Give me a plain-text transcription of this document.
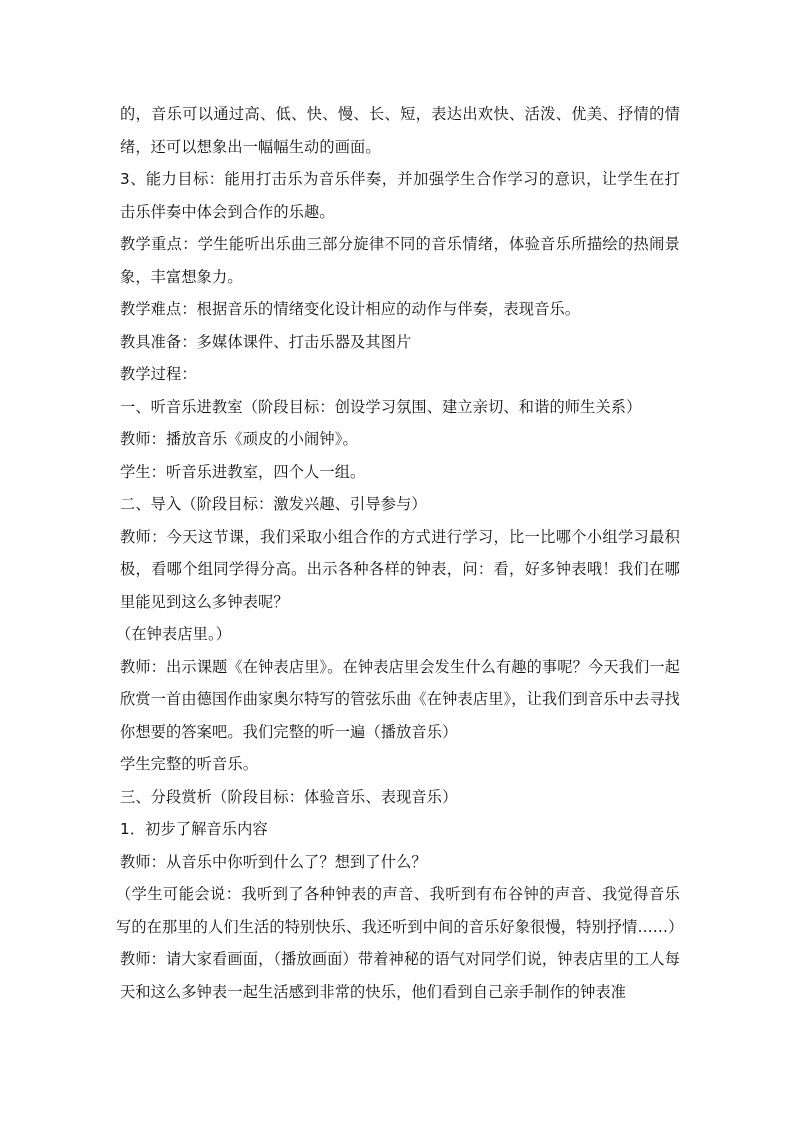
的，音乐可以通过高、低、快、慢、长、短，表达出欢快、活泼、优美、抒情的情绪，还可以想象出一幅幅生动的画面。

3、能力目标：能用打击乐为音乐伴奏，并加强学生合作学习的意识，让学生在打击乐伴奏中体会到合作的乐趣。

教学重点：学生能听出乐曲三部分旋律不同的音乐情绪，体验音乐所描绘的热闹景象，丰富想象力。

教学难点：根据音乐的情绪变化设计相应的动作与伴奏，表现音乐。

教具准备：多媒体课件、打击乐器及其图片

教学过程：

一、听音乐进教室（阶段目标：创设学习氛围、建立亲切、和谐的师生关系）

教师：播放音乐《顽皮的小闹钟》。

学生：听音乐进教室，四个人一组。

二、导入（阶段目标：激发兴趣、引导参与）

教师：今天这节课，我们采取小组合作的方式进行学习，比一比哪个小组学习最积极，看哪个组同学得分高。出示各种各样的钟表，问：看，好多钟表哦！我们在哪里能见到这么多钟表呢？

（在钟表店里。）

教师：出示课题《在钟表店里》。在钟表店里会发生什么有趣的事呢？今天我们一起欣赏一首由德国作曲家奥尔特写的管弦乐曲《在钟表店里》，让我们到音乐中去寻找你想要的答案吧。我们完整的听一遍（播放音乐）

学生完整的听音乐。

三、分段赏析（阶段目标：体验音乐、表现音乐）

1．初步了解音乐内容

教师：从音乐中你听到什么了？想到了什么？

（学生可能会说：我听到了各种钟表的声音、我听到有布谷钟的声音、我觉得音乐写的在那里的人们生活的特别快乐、我还听到中间的音乐好象很慢，特别抒情……）

教师：请大家看画面，（播放画面）带着神秘的语气对同学们说，钟表店里的工人每天和这么多钟表一起生活感到非常的快乐，他们看到自己亲手制作的钟表准
